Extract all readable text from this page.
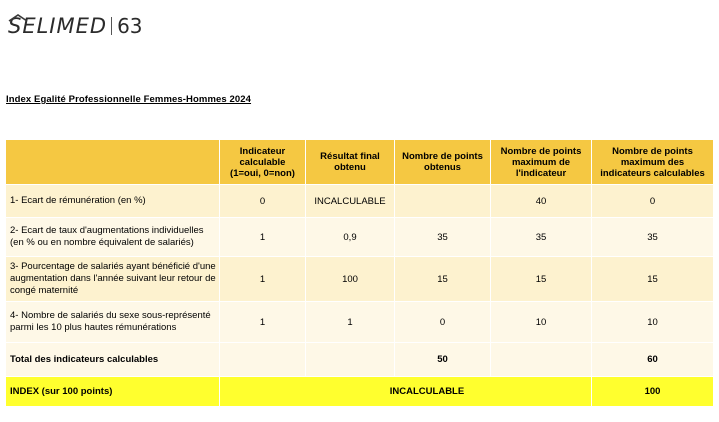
SELIMED 63
Index Egalité Professionnelle Femmes-Hommes 2024
	Indicateur calculable (1=oui, 0=non)	Résultat final obtenu	Nombre de points obtenus	Nombre de points maximum de l'indicateur	Nombre de points maximum des indicateurs calculables
1- Ecart de rémunération (en %)	0	INCALCULABLE		40	0
2- Ecart de taux d'augmentations individuelles (en % ou en nombre équivalent de salariés)	1	0,9	35	35	35
3- Pourcentage de salariés ayant bénéficié d'une augmentation dans l'année suivant leur retour de congé maternité	1	100	15	15	15
4- Nombre de salariés du sexe sous-représenté parmi les 10 plus hautes rémunérations	1	1	0	10	10
Total des indicateurs calculables			50		60
INDEX (sur 100 points)	INCALCULABLE				100
